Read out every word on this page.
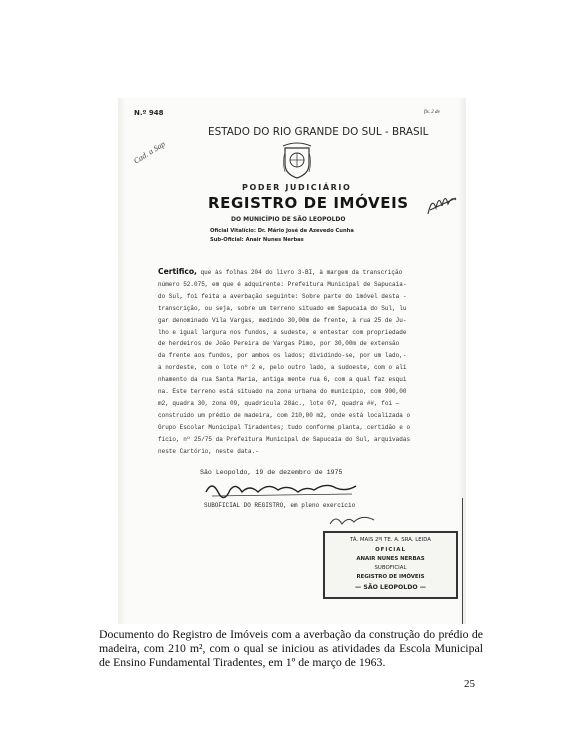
N.º 948	fls. 2 de
ESTADO DO RIO GRANDE DO SUL - BRASIL
Cad. a Sap
PODER JUDICIÁRIO
REGISTRO DE IMÓVEIS
DO MUNICÍPIO DE SÃO LEOPOLDO
Oficial Vitalício: Dr. Mário José de Azevedo Cunha
Sub-Oficial: Anair Nunes Nerbas
Certifico, que às folhas 204 do livro 3-BI, à margem da transcrição
número 52.075, em que é adquirente: Prefeitura Municipal de Sapucaia-
do Sul, foi feita a averbação seguinte: Sobre parte do imóvel desta -
transcrição, ou seja, sobre um terreno situado em Sapucaia do Sul, lu
gar denominado Vila Vargas, medindo 30,00m de frente, à rua 25 de Ju-
lho e igual largura nos fundos, a sudeste, e entestar com propriedade
de herdeiros de João Pereira de Vargas Pimo, por 30,00m de extensão
da frente aos fundos, por ambos os lados; dividindo-se, por um lado,-
a nordeste, com o lote nº 2 e, pelo outro lado, a sudoeste, com o ali
nhamento da rua Santa Maria, antiga mente rua 6, com a qual faz esqui
na. Este terreno está situado na zona urbana do município, com 900,00
m2, quadra 30, zona 09, quadrícula 28ác., lote 07, quadra ##, foi —
construído um prédio de madeira, com 210,00 m2, onde está localizada o
Grupo Escolar Municipal Tiradentes; tudo conforme planta, certidão e o
fício, nº 25/75 da Prefeitura Municipal de Sapucaia do Sul, arquivadas
neste Cartório, neste data.-
São Leopoldo, 19 de dezembro de 1975
SUBOFICIAL DO REGISTRO, em pleno exercício
TÁ. MAIS 2ºl TE. A. SRA. LEIDA
OFICIAL
ANAIR NUNES NERBAS
SUBOFICIAL
REGISTRO DE IMÓVEIS
— SÃO LEOPOLDO —
Documento do Registro de Imóveis com a averbação da construção do prédio de madeira, com 210 m², com o qual se iniciou as atividades da Escola Municipal de Ensino Fundamental Tiradentes, em 1º de março de 1963.
25
